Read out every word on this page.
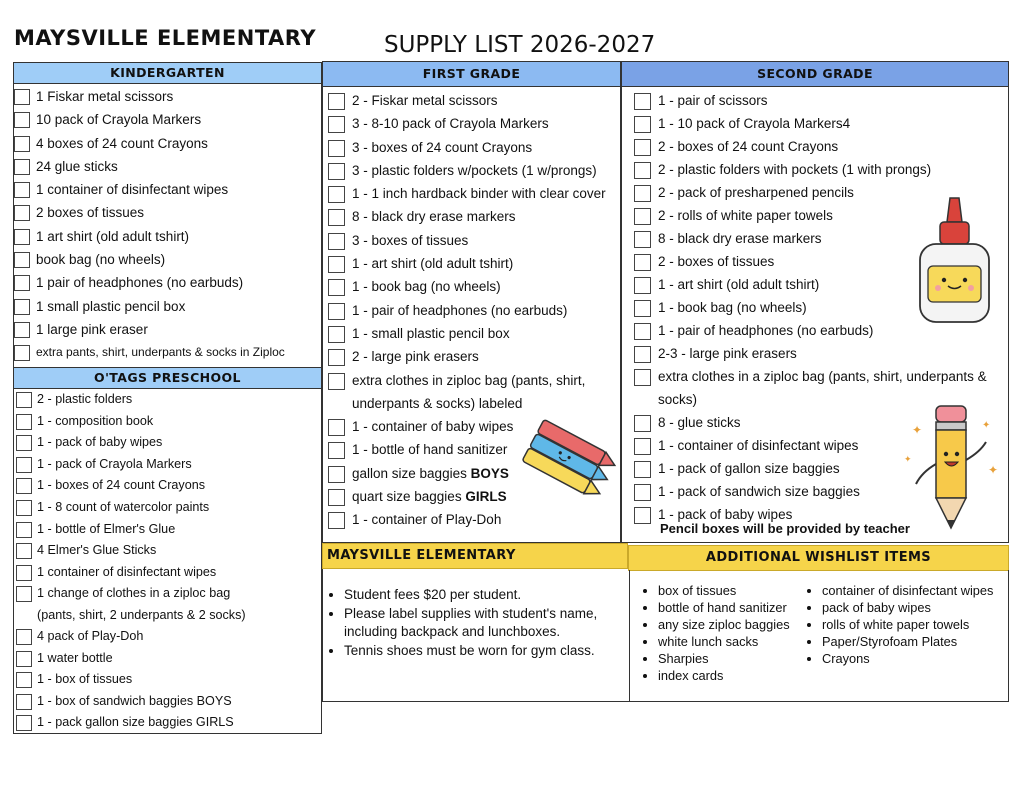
MAYSVILLE ELEMENTARY	SUPPLY LIST 2026-2027
KINDERGARTEN
1 Fiskar metal scissors
10 pack of Crayola Markers
4 boxes of 24 count Crayons
24 glue sticks
1 container of disinfectant wipes
2 boxes of tissues
1 art shirt (old adult tshirt)
book bag (no wheels)
1 pair of headphones (no earbuds)
1 small plastic pencil box
1 large pink eraser
extra pants, shirt, underpants & socks in Ziploc
O'TAGS PRESCHOOL
2 - plastic folders
1 - composition book
1 - pack of baby wipes
1 - pack of Crayola Markers
1 - boxes of 24 count Crayons
1 - 8 count of watercolor paints
1 - bottle of Elmer's Glue
4 Elmer's Glue Sticks
1 container of disinfectant wipes
1 change of clothes in a ziploc bag
(pants, shirt, 2 underpants & 2 socks)
4 pack of Play-Doh
1 water bottle
1 - box of tissues
1 - box of sandwich baggies BOYS
1 - pack gallon size baggies GIRLS
FIRST GRADE
2 - Fiskar metal scissors
3 - 8-10 pack of Crayola Markers
3 - boxes of 24 count Crayons
3 - plastic folders w/pockets (1 w/prongs)
1 - 1 inch hardback binder with clear cover
8 - black dry erase markers
3 - boxes of tissues
1 - art shirt (old adult tshirt)
1 - book bag (no wheels)
1 - pair of headphones (no earbuds)
1 - small plastic pencil box
2 - large pink erasers
extra clothes in ziploc bag (pants, shirt,
underpants & socks) labeled
1 - container of baby wipes
1 - bottle of hand sanitizer
gallon size baggies
BOYS
quart size baggies
GIRLS
1 - container of Play-Doh
SECOND GRADE
1 - pair of scissors
1 - 10 pack of Crayola Markers4
2 - boxes of 24 count Crayons
2 - plastic folders with pockets (1 with prongs)
2 - pack of presharpened pencils
2 - rolls of white paper towels
8 - black dry erase markers
2 - boxes of tissues
1 - art shirt (old adult tshirt)
1 - book bag (no wheels)
1 - pair of headphones (no earbuds)
2-3 - large pink erasers
extra clothes in a ziploc bag (pants, shirt, underpants &
socks)
8 - glue sticks
1 - container of disinfectant wipes
1 - pack of gallon size baggies
1 - pack of sandwich size baggies
1 - pack of baby wipes
Pencil boxes will be provided by teacher
✦	✦
✦
✦
MAYSVILLE ELEMENTARY	ADDITIONAL WISHLIST ITEMS
• Student fees $20 per student.
• Please label supplies with student's name, including backpack and lunchboxes.
• Tennis shoes must be worn for gym class.
• box of tissues
• bottle of hand sanitizer
• any size ziploc baggies
• white lunch sacks
• Sharpies
• index cards
• container of disinfectant wipes
• pack of baby wipes
• rolls of white paper towels
• Paper/Styrofoam Plates
• Crayons
